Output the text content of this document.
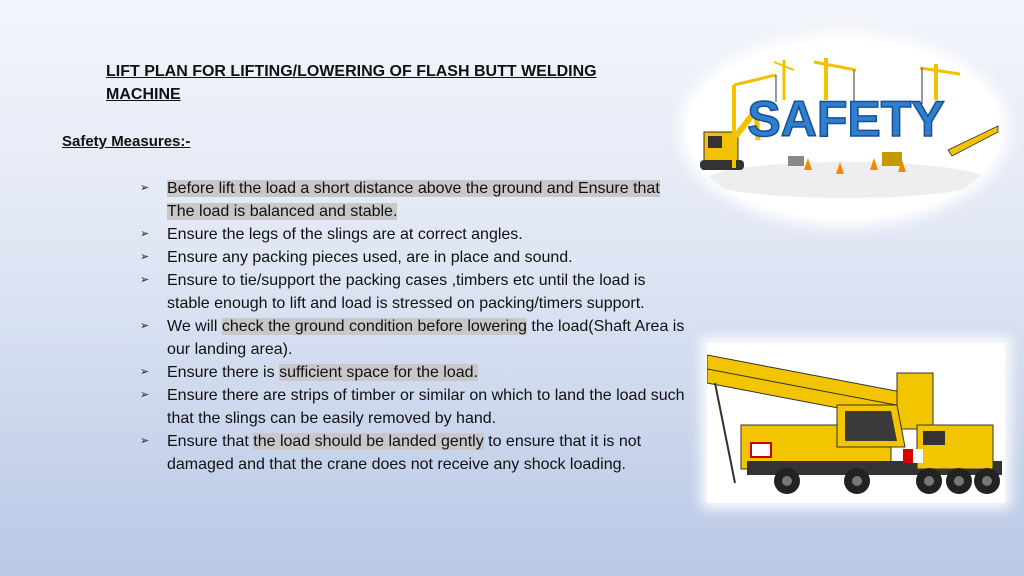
LIFT PLAN FOR LIFTING/LOWERING OF FLASH BUTT WELDING MACHINE
Safety Measures:-
➢ Before lift the load a short distance above the ground and Ensure that The load is balanced and stable.
➢ Ensure the legs of the slings are at correct angles.
➢ Ensure any packing pieces used, are in place and sound.
➢ Ensure to tie/support the packing cases ,timbers etc until the load is stable enough to lift and load is stressed on packing/timers support.
➢ We will check the ground condition before lowering the load(Shaft Area is our landing area).
➢ Ensure there is sufficient space for the load.
➢ Ensure there are strips of timber or similar on which to land the load such that the slings can be easily removed by hand.
➢ Ensure that the load should be landed gently to ensure that it is not damaged and that the crane does not receive any shock loading.
SAFETY
